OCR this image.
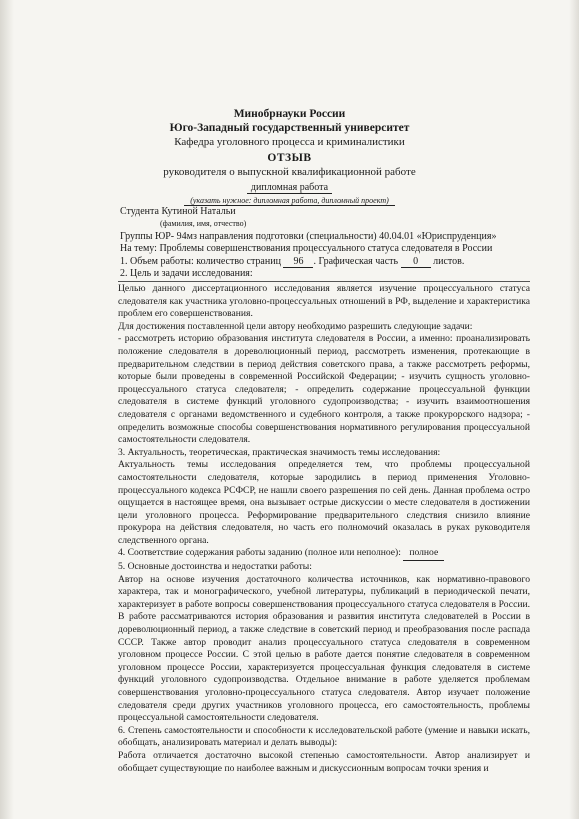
Минобрнауки России
Юго-Западный государственный университет
Кафедра уголовного процесса и криминалистики
ОТЗЫВ
руководителя о выпускной квалификационной работе
дипломная работа
(указать нужное: дипломная работа, дипломный проект)
Студента Кутиной Натальи
(фамилия, имя, отчество)
Группы ЮР- 94мз направления подготовки (специальности) 40.04.01 «Юриспруденция»
На тему: Проблемы совершенствования процессуального статуса следователя в России
1. Объем работы: количество страниц 96 . Графическая часть 0 листов.
2. Цель и задачи исследования:

Целью данного диссертационного исследования является изучение процессуального статуса следователя как участника уголовно-процессуальных отношений в РФ, выделение и характеристика проблем его совершенствования.

Для достижения поставленной цели автору необходимо разрешить следующие задачи:

- рассмотреть историю образования института следователя в России, а именно: проанализировать положение следователя в дореволюционный период, рассмотреть изменения, протекающие в предварительном следствии в период действия советского права, а также рассмотреть реформы, которые были проведены в современной Российской Федерации; - изучить сущность уголовно-процессуального статуса следователя; - определить содержание процессуальной функции следователя в системе функций уголовного судопроизводства; - изучить взаимоотношения следователя с органами ведомственного и судебного контроля, а также прокурорского надзора; - определить возможные способы совершенствования нормативного регулирования процессуальной самостоятельности следователя.

3. Актуальность, теоретическая, практическая значимость темы исследования:

Актуальность темы исследования определяется тем, что проблемы процессуальной самостоятельности следователя, которые зародились в период применения Уголовно-процессуального кодекса РСФСР, не нашли своего разрешения по сей день. Данная проблема остро ощущается в настоящее время, она вызывает острые дискуссии о месте следователя в достижении цели уголовного процесса. Реформирование предварительного следствия снизило влияние прокурора на действия следователя, но часть его полномочий оказалась в руках руководителя следственного органа.

4. Соответствие содержания работы заданию (полное или неполное): полное

5. Основные достоинства и недостатки работы:

Автор на основе изучения достаточного количества источников, как нормативно-правового характера, так и монографического, учебной литературы, публикаций в периодической печати, характеризует в работе вопросы совершенствования процессуального статуса следователя в России. В работе рассматриваются история образования и развития института следователей в России в дореволюционный период, а также следствие в советский период и преобразования после распада СССР. Также автор проводит анализ процессуального статуса следователя в современном уголовном процессе России. С этой целью в работе дается понятие следователя в современном уголовном процессе России, характеризуется процессуальная функция следователя в системе функций уголовного судопроизводства. Отдельное внимание в работе уделяется проблемам совершенствования уголовно-процессуального статуса следователя. Автор изучает положение следователя среди других участников уголовного процесса, его самостоятельность, проблемы процессуальной самостоятельности следователя.

6. Степень самостоятельности и способности к исследовательской работе (умение и навыки искать, обобщать, анализировать материал и делать выводы):

Работа отличается достаточно высокой степенью самостоятельности. Автор анализирует и обобщает существующие по наиболее важным и дискуссионным вопросам точки зрения и
